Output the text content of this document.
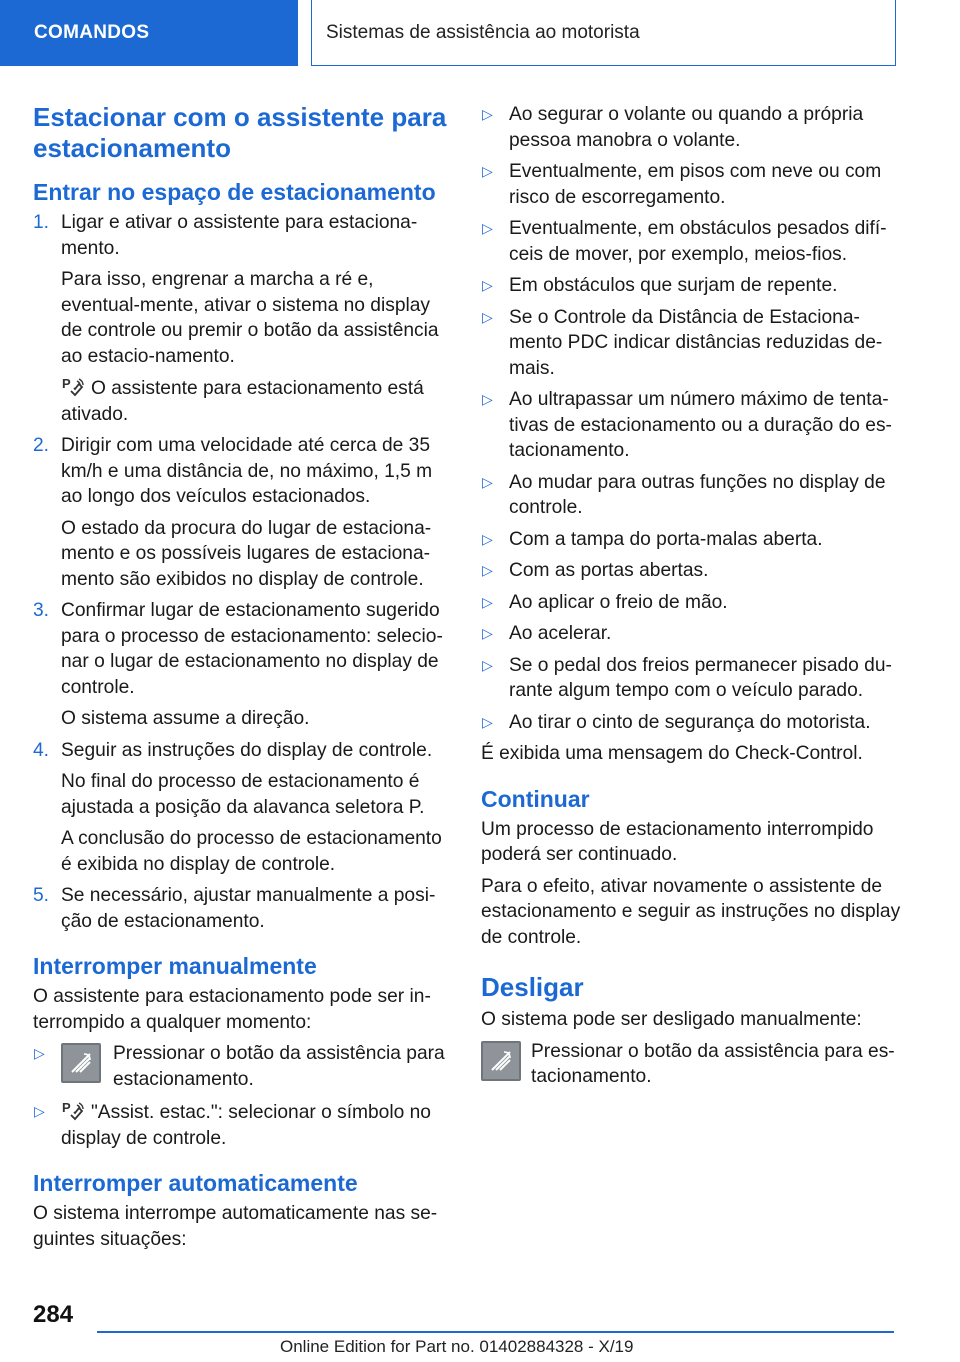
COMANDOS	Sistemas de assistência ao motorista
Estacionar com o assistente para estacionamento
Entrar no espaço de estacionamento
1. Ligar e ativar o assistente para estaciona-mento.
Para isso, engrenar a marcha a ré e, eventual-mente, ativar o sistema no display de controle ou premir o botão da assistência ao estacio-namento.
P O assistente para estacionamento está ativado.
2. Dirigir com uma velocidade até cerca de 35 km/h e uma distância de, no máximo, 1,5 m ao longo dos veículos estacionados.
O estado da procura do lugar de estaciona-mento e os possíveis lugares de estaciona-mento são exibidos no display de controle.
3. Confirmar lugar de estacionamento sugerido para o processo de estacionamento: selecio-nar o lugar de estacionamento no display de controle.
O sistema assume a direção.
4. Seguir as instruções do display de controle.
No final do processo de estacionamento é ajustada a posição da alavanca seletora P.
A conclusão do processo de estacionamento é exibida no display de controle.
5. Se necessário, ajustar manualmente a posi-ção de estacionamento.
Interromper manualmente
O assistente para estacionamento pode ser in-terrompido a qualquer momento:
▷	Pressionar o botão da assistência para estacionamento.
▷ P "Assist. estac.": selecionar o símbolo no display de controle.
Interromper automaticamente
O sistema interrompe automaticamente nas se-guintes situações:
▷ Ao segurar o volante ou quando a própria pessoa manobra o volante.
▷ Eventualmente, em pisos com neve ou com risco de escorregamento.
▷ Eventualmente, em obstáculos pesados difí-ceis de mover, por exemplo, meios-fios.
▷ Em obstáculos que surjam de repente.
▷ Se o Controle da Distância de Estaciona-mento PDC indicar distâncias reduzidas de-mais.
▷ Ao ultrapassar um número máximo de tenta-tivas de estacionamento ou a duração do es-tacionamento.
▷ Ao mudar para outras funções no display de controle.
▷ Com a tampa do porta-malas aberta.
▷ Com as portas abertas.
▷ Ao aplicar o freio de mão.
▷ Ao acelerar.
▷ Se o pedal dos freios permanecer pisado du-rante algum tempo com o veículo parado.
▷ Ao tirar o cinto de segurança do motorista.
É exibida uma mensagem do Check-Control.
Continuar
Um processo de estacionamento interrompido poderá ser continuado.
Para o efeito, ativar novamente o assistente de estacionamento e seguir as instruções no display de controle.
Desligar
O sistema pode ser desligado manualmente:
Pressionar o botão da assistência para es-tacionamento.
284
Online Edition for Part no. 01402884328 - X/19
